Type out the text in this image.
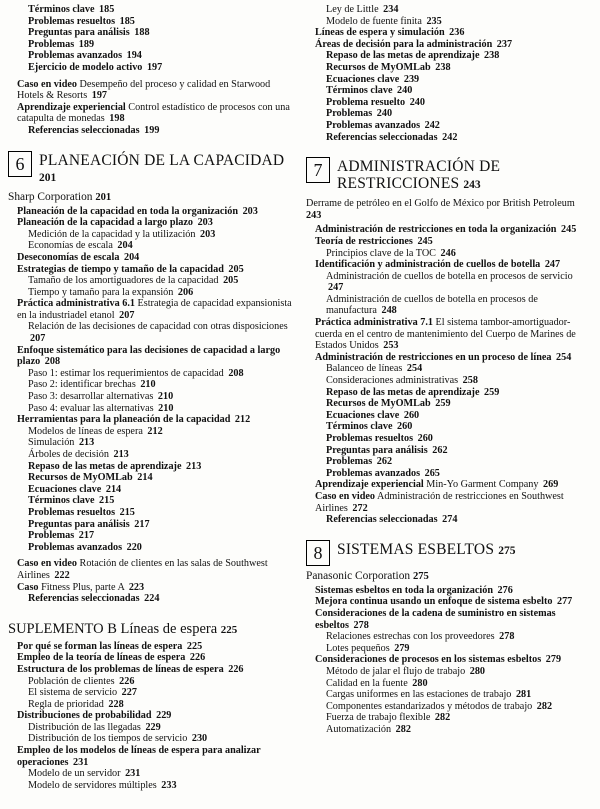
Términos clave 185
Problemas resueltos 185
Preguntas para análisis 188
Problemas 189
Problemas avanzados 194
Ejercicio de modelo activo 197
Caso en video Desempeño del proceso y calidad en Starwood Hotels & Resorts 197
Aprendizaje experiencial Control estadístico de procesos con una catapulta de monedas 198
Referencias seleccionadas 199
6 PLANEACIÓN DE LA CAPACIDAD 201
Sharp Corporation 201
Planeación de la capacidad en toda la organización 203
Planeación de la capacidad a largo plazo 203
Medición de la capacidad y la utilización 203
Economías de escala 204
Deseconomías de escala 204
Estrategias de tiempo y tamaño de la capacidad 205
Tamaño de los amortiguadores de la capacidad 205
Tiempo y tamaño para la expansión 206
Práctica administrativa 6.1 Estrategia de capacidad expansionista en la industriadel etanol 207
Relación de las decisiones de capacidad con otras disposiciones 207
Enfoque sistemático para las decisiones de capacidad a largo plazo 208
Paso 1: estimar los requerimientos de capacidad 208
Paso 2: identificar brechas 210
Paso 3: desarrollar alternativas 210
Paso 4: evaluar las alternativas 210
Herramientas para la planeación de la capacidad 212
Modelos de líneas de espera 212
Simulación 213
Árboles de decisión 213
Repaso de las metas de aprendizaje 213
Recursos de MyOMLab 214
Ecuaciones clave 214
Términos clave 215
Problemas resueltos 215
Preguntas para análisis 217
Problemas 217
Problemas avanzados 220
Caso en video Rotación de clientes en las salas de Southwest Airlines 222
Caso Fitness Plus, parte A 223
Referencias seleccionadas 224
SUPLEMENTO B Líneas de espera 225
Por qué se forman las líneas de espera 225
Empleo de la teoría de líneas de espera 226
Estructura de los problemas de líneas de espera 226
Población de clientes 226
El sistema de servicio 227
Regla de prioridad 228
Distribuciones de probabilidad 229
Distribución de las llegadas 229
Distribución de los tiempos de servicio 230
Empleo de los modelos de líneas de espera para analizar operaciones 231
Modelo de un servidor 231
Modelo de servidores múltiples 233
Ley de Little 234
Modelo de fuente finita 235
Líneas de espera y simulación 236
Áreas de decisión para la administración 237
Repaso de las metas de aprendizaje 238
Recursos de MyOMLab 238
Ecuaciones clave 239
Términos clave 240
Problema resuelto 240
Problemas 240
Problemas avanzados 242
Referencias seleccionadas 242
7 ADMINISTRACIÓN DE RESTRICCIONES 243
Derrame de petróleo en el Golfo de México por British Petroleum 243
Administración de restricciones en toda la organización 245
Teoría de restricciones 245
Principios clave de la TOC 246
Identificación y administración de cuellos de botella 247
Administración de cuellos de botella en procesos de servicio 247
Administración de cuellos de botella en procesos de manufactura 248
Práctica administrativa 7.1 El sistema tambor-amortiguador-cuerda en el centro de mantenimiento del Cuerpo de Marines de Estados Unidos 253
Administración de restricciones en un proceso de línea 254
Balanceo de líneas 254
Consideraciones administrativas 258
Repaso de las metas de aprendizaje 259
Recursos de MyOMLab 259
Ecuaciones clave 260
Términos clave 260
Problemas resueltos 260
Preguntas para análisis 262
Problemas 262
Problemas avanzados 265
Aprendizaje experiencial Min-Yo Garment Company 269
Caso en video Administración de restricciones en Southwest Airlines 272
Referencias seleccionadas 274
8 SISTEMAS ESBELTOS 275
Panasonic Corporation 275
Sistemas esbeltos en toda la organización 276
Mejora continua usando un enfoque de sistema esbelto 277
Consideraciones de la cadena de suministro en sistemas esbeltos 278
Relaciones estrechas con los proveedores 278
Lotes pequeños 279
Consideraciones de procesos en los sistemas esbeltos 279
Método de jalar el flujo de trabajo 280
Calidad en la fuente 280
Cargas uniformes en las estaciones de trabajo 281
Componentes estandarizados y métodos de trabajo 282
Fuerza de trabajo flexible 282
Automatización 282
